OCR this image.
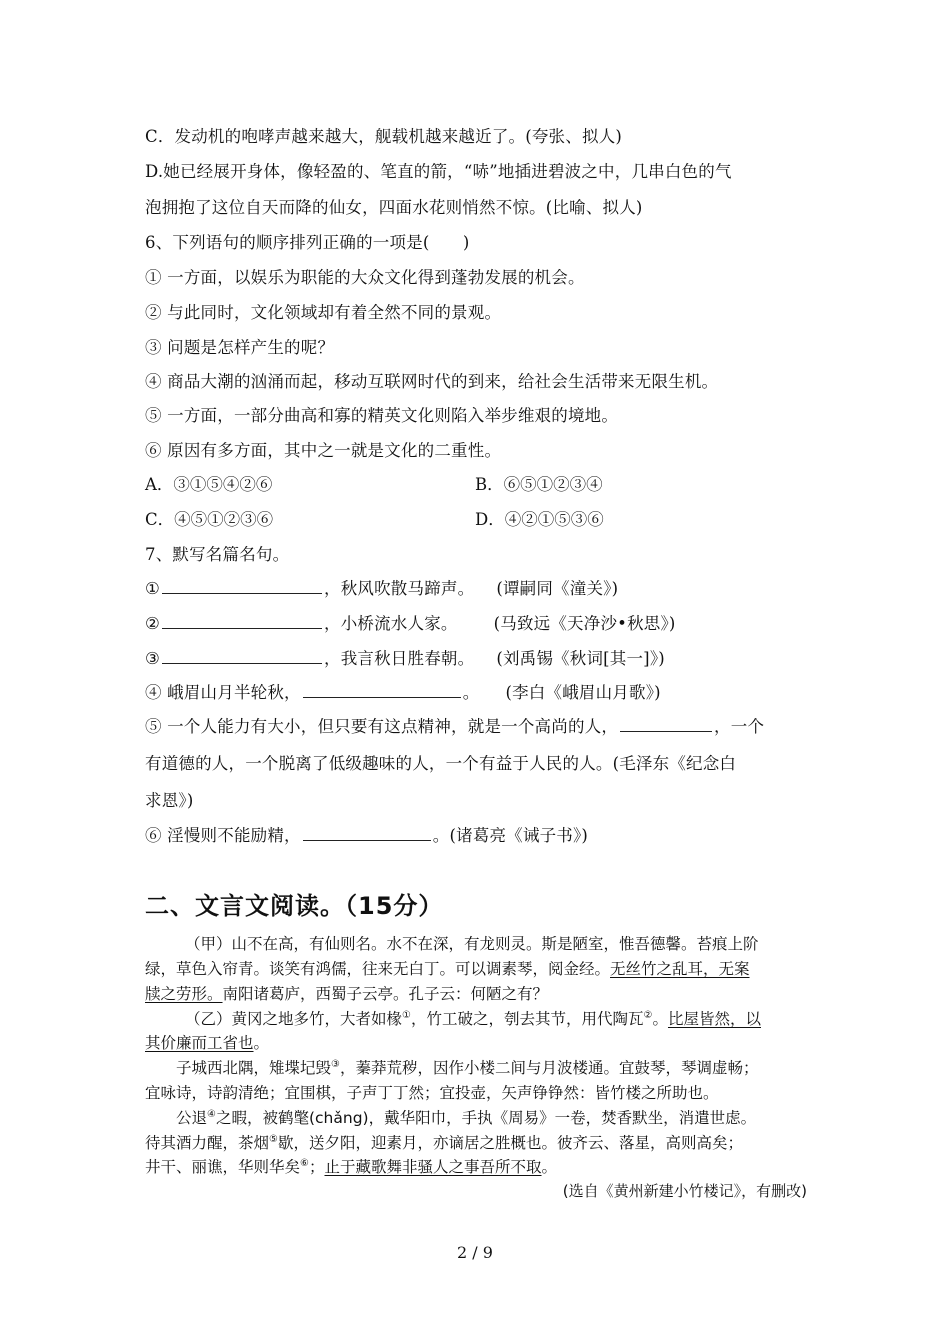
C．发动机的咆哮声越来越大，舰载机越来越近了。(夸张、拟人)
D.她已经展开身体，像轻盈的、笔直的箭，“哧”地插进碧波之中，几串白色的气
泡拥抱了这位自天而降的仙女，四面水花则悄然不惊。(比喻、拟人)
6、下列语句的顺序排列正确的一项是(　　)
① 一方面，以娱乐为职能的大众文化得到蓬勃发展的机会。
② 与此同时，文化领域却有着全然不同的景观。
③ 问题是怎样产生的呢？
④ 商品大潮的汹涌而起，移动互联网时代的到来，给社会生活带来无限生机。
⑤ 一方面，一部分曲高和寡的精英文化则陷入举步维艰的境地。
⑥ 原因有多方面，其中之一就是文化的二重性。
A．③①⑤④②⑥	B．⑥⑤①②③④
C．④⑤①②③⑥	D．④②①⑤③⑥
7、默写名篇名句。
①	，秋风吹散马蹄声。 (谭嗣同《潼关》)
②	，小桥流水人家。 (马致远《天净沙•秋思》)
③	，我言秋日胜春朝。 (刘禹锡《秋词[其一]》)
④ 峨眉山月半轮秋，	。 (李白《峨眉山月歌》)
⑤ 一个人能力有大小，但只要有这点精神，就是一个高尚的人，	，一个
有道德的人，一个脱离了低级趣味的人，一个有益于人民的人。(毛泽东《纪念白
求恩》)
⑥ 淫慢则不能励精，	。(诸葛亮《诫子书》)
二、文言文阅读。（15分）
（甲）山不在高，有仙则名。水不在深，有龙则灵。斯是陋室，惟吾德馨。苔痕上阶
绿，草色入帘青。谈笑有鸿儒，往来无白丁。可以调素琴，阅金经。无丝竹之乱耳，无案
牍之劳形。南阳诸葛庐，西蜀子云亭。孔子云：何陋之有？
（乙）黄冈之地多竹，大者如椽①，竹工破之，刳去其节，用代陶瓦②。比屋皆然，以
其价廉而工省也。
子城西北隅，雉堞圮毁③，蓁莽荒秽，因作小楼二间与月波楼通。宜鼓琴，琴调虚畅；
宜咏诗，诗韵清绝；宜围棋，子声丁丁然；宜投壶，矢声铮铮然：皆竹楼之所助也。
公退④之暇，被鹤氅(chǎng)，戴华阳巾，手执《周易》一卷，焚香默坐，消遣世虑。
待其酒力醒，茶烟⑤歇，送夕阳，迎素月，亦谪居之胜概也。彼齐云、落星，高则高矣；
井干、丽谯，华则华矣⑥；止于藏歌舞非骚人之事吾所不取。
(选自《黄州新建小竹楼记》，有删改)
2 / 9
